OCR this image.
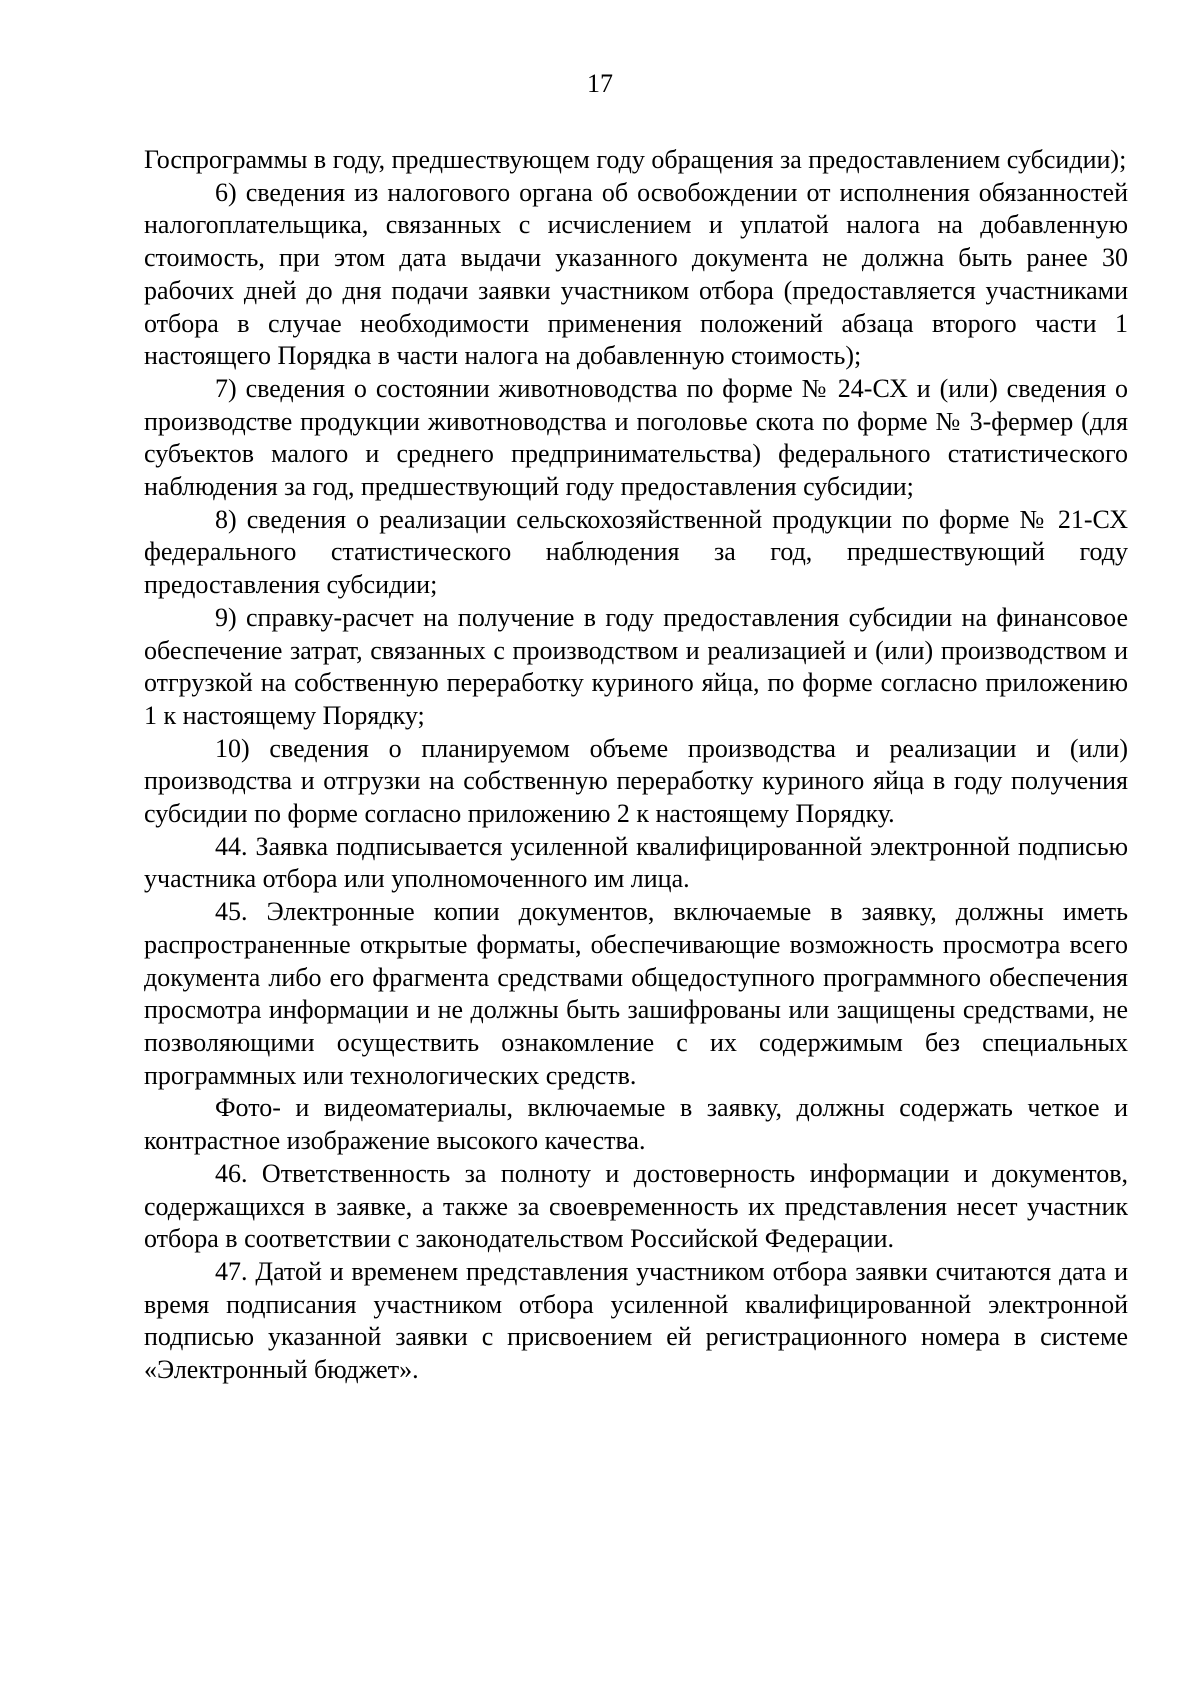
17

Госпрограммы в году, предшествующем году обращения за предоставлением субсидии);

6) сведения из налогового органа об освобождении от исполнения обязанностей налогоплательщика, связанных с исчислением и уплатой налога на добавленную стоимость, при этом дата выдачи указанного документа не должна быть ранее 30 рабочих дней до дня подачи заявки участником отбора (предоставляется участниками отбора в случае необходимости применения положений абзаца второго части 1 настоящего Порядка в части налога на добавленную стоимость);

7) сведения о состоянии животноводства по форме № 24-СХ и (или) сведения о производстве продукции животноводства и поголовье скота по форме № 3-фермер (для субъектов малого и среднего предпринимательства) федерального статистического наблюдения за год, предшествующий году предоставления субсидии;

8) сведения о реализации сельскохозяйственной продукции по форме № 21-СХ федерального статистического наблюдения за год, предшествующий году предоставления субсидии;

9) справку-расчет на получение в году предоставления субсидии на финансовое обеспечение затрат, связанных с производством и реализацией и (или) производством и отгрузкой на собственную переработку куриного яйца, по форме согласно приложению 1 к настоящему Порядку;

10) сведения о планируемом объеме производства и реализации и (или) производства и отгрузки на собственную переработку куриного яйца в году получения субсидии по форме согласно приложению 2 к настоящему Порядку.

44. Заявка подписывается усиленной квалифицированной электронной подписью участника отбора или уполномоченного им лица.

45. Электронные копии документов, включаемые в заявку, должны иметь распространенные открытые форматы, обеспечивающие возможность просмотра всего документа либо его фрагмента средствами общедоступного программного обеспечения просмотра информации и не должны быть зашифрованы или защищены средствами, не позволяющими осуществить ознакомление с их содержимым без специальных программных или технологических средств.

Фото- и видеоматериалы, включаемые в заявку, должны содержать четкое и контрастное изображение высокого качества.

46. Ответственность за полноту и достоверность информации и документов, содержащихся в заявке, а также за своевременность их представления несет участник отбора в соответствии с законодательством Российской Федерации.

47. Датой и временем представления участником отбора заявки считаются дата и время подписания участником отбора усиленной квалифицированной электронной подписью указанной заявки с присвоением ей регистрационного номера в системе «Электронный бюджет».
